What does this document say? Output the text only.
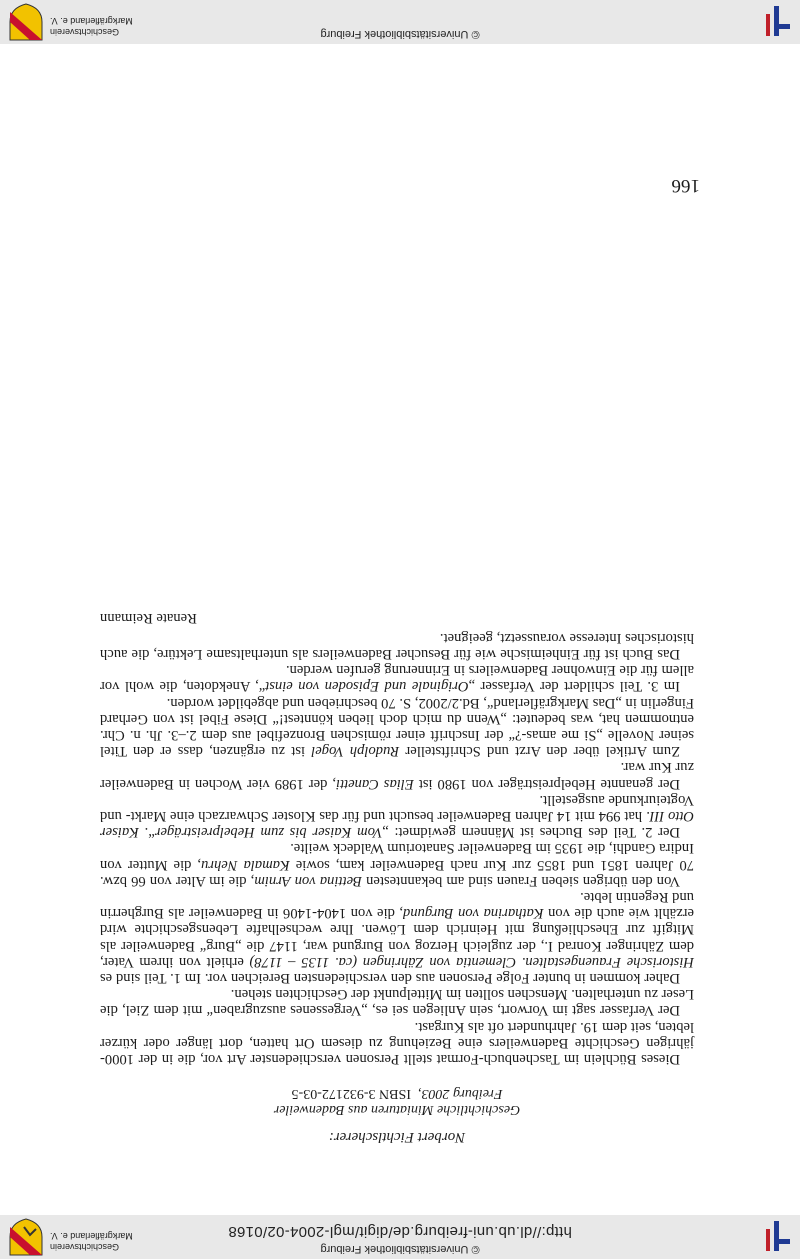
© Universitätsbibliothek Freiburg
Geschichtsverein
Markgräflerland e. V.
© Universitätsbibliothek Freiburg
http://dl.ub.uni-freiburg.de/digit/mgl-2004-02/0168
Geschichtsverein
Markgräflerland e. V.
Norbert Fichtlscherer:
Geschichtliche Miniaturen aus Badenweiler
Freiburg 2003,  ISBN 3-932172-03-5

Dieses Büchlein im Taschenbuch-Format stellt Personen verschiedenster Art vor, die in der 1000-jährigen Geschichte Badenweilers eine Beziehung zu diesem Ort hatten, dort länger oder kürzer lebten, seit dem 19. Jahrhundert oft als Kurgast.

Der Verfasser sagt im Vorwort, sein Anliegen sei es, „Vergessenes auszugraben“ mit dem Ziel, die Leser zu unterhalten. Menschen sollten im Mittelpunkt der Geschichten stehen.

Daher kommen in bunter Folge Personen aus den verschiedensten Bereichen vor. Im 1. Teil sind es Historische Frauengestalten. Clementia von Zähringen (ca. 1135 – 1178) erhielt von ihrem Vater, dem Zähringer Konrad I., der zugleich Herzog von Burgund war, 1147 die „Burg“ Badenweiler als Mitgift zur Eheschließung mit Heinrich dem Löwen. Ihre wechselhafte Lebensgeschichte wird erzählt wie auch die von Katharina von Burgund, die von 1404-1406 in Badenweiler als Burgherrin und Regentin lebte.

Von den übrigen sieben Frauen sind am bekanntesten Bettina von Arnim, die im Alter von 66 bzw. 70 Jahren 1851 und 1855 zur Kur nach Badenweiler kam, sowie Kamala Nehru, die Mutter von Indira Gandhi, die 1935 im Badenweiler Sanatorium Waldeck weilte.

Der 2. Teil des Buches ist Männern gewidmet: „Vom Kaiser bis zum Hebelpreisträger“. Kaiser Otto III. hat 994 mit 14 Jahren Badenweiler besucht und für das Kloster Schwarzach eine Markt- und Vogteiurkunde ausgestellt.

Der genannte Hebelpreisträger von 1980 ist Elias Canetti, der 1989 vier Wochen in Badenweiler zur Kur war.

Zum Artikel über den Arzt und Schriftsteller Rudolph Vogel ist zu ergänzen, dass er den Titel seiner Novelle „Si me amas-?“ der Inschrift einer römischen Bronzefibel aus dem 2.–3. Jh. n. Chr. entnommen hat, was bedeutet: „Wenn du mich doch lieben könntest!“ Diese Fibel ist von Gerhard Fingerlin in „Das Markgräflerland“, Bd.2/2002, S. 70 beschrieben und abgebildet worden.

Im 3. Teil schildert der Verfasser „Originale und Episoden von einst“, Anekdoten, die wohl vor allem für die Einwohner Badenweilers in Erinnerung gerufen werden.

Das Buch ist für Einheimische wie für Besucher Badenweilers als unterhaltsame Lektüre, die auch historisches Interesse voraussetzt, geeignet.

Renate Reimann
166
